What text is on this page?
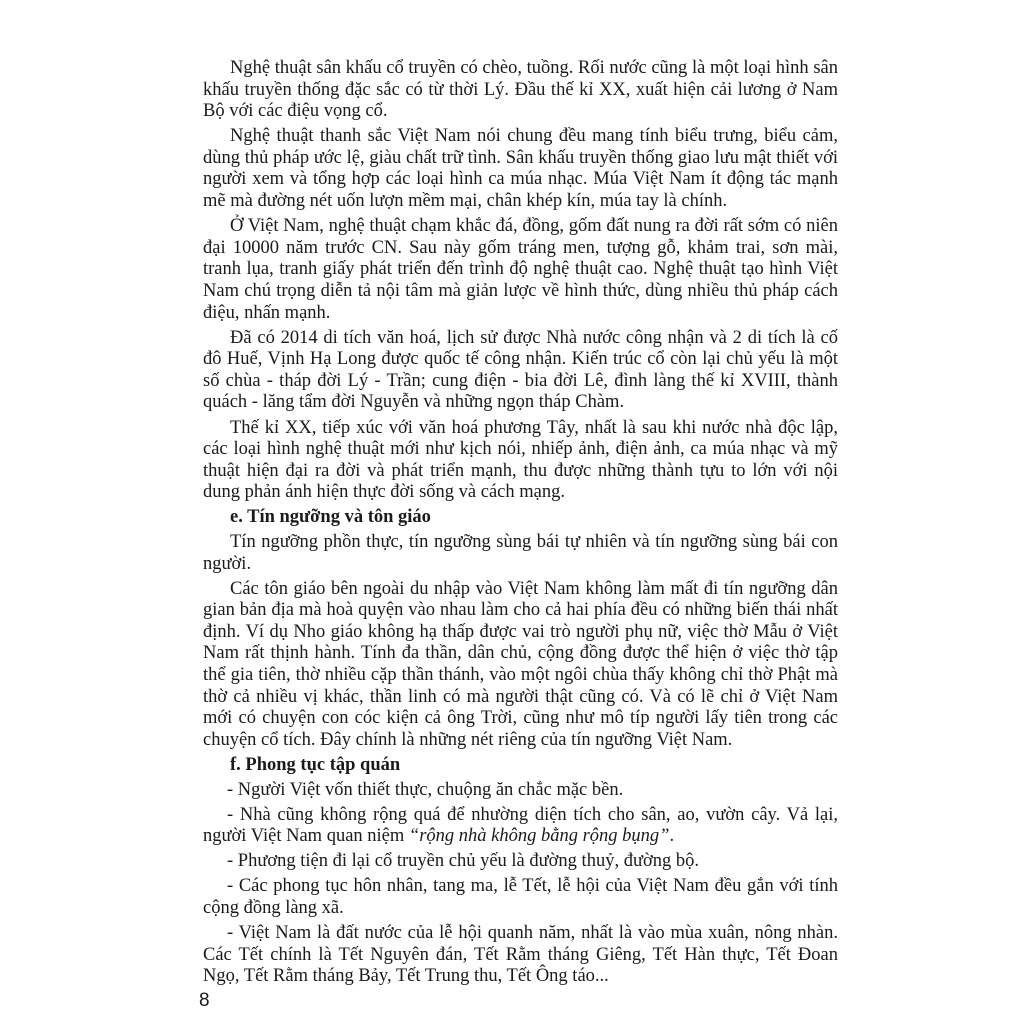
Nghệ thuật sân khấu cổ truyền có chèo, tuồng. Rối nước cũng là một loại hình sân khấu truyền thống đặc sắc có từ thời Lý. Đầu thế kỉ XX, xuất hiện cải lương ở Nam Bộ với các điệu vọng cổ.

Nghệ thuật thanh sắc Việt Nam nói chung đều mang tính biểu trưng, biểu cảm, dùng thủ pháp ước lệ, giàu chất trữ tình. Sân khấu truyền thống giao lưu mật thiết với người xem và tổng hợp các loại hình ca múa nhạc. Múa Việt Nam ít động tác mạnh mẽ mà đường nét uốn lượn mềm mại, chân khép kín, múa tay là chính.

Ở Việt Nam, nghệ thuật chạm khắc đá, đồng, gốm đất nung ra đời rất sớm có niên đại 10000 năm trước CN. Sau này gốm tráng men, tượng gỗ, khảm trai, sơn mài, tranh lụa, tranh giấy phát triển đến trình độ nghệ thuật cao. Nghệ thuật tạo hình Việt Nam chú trọng diễn tả nội tâm mà giản lược về hình thức, dùng nhiều thủ pháp cách điệu, nhấn mạnh.

Đã có 2014 di tích văn hoá, lịch sử được Nhà nước công nhận và 2 di tích là cố đô Huế, Vịnh Hạ Long được quốc tế công nhận. Kiến trúc cổ còn lại chủ yếu là một số chùa - tháp đời Lý - Trần; cung điện - bia đời Lê, đình làng thế kỉ XVIII, thành quách - lăng tẩm đời Nguyễn và những ngọn tháp Chàm.

Thế kỉ XX, tiếp xúc với văn hoá phương Tây, nhất là sau khi nước nhà độc lập, các loại hình nghệ thuật mới như kịch nói, nhiếp ảnh, điện ảnh, ca múa nhạc và mỹ thuật hiện đại ra đời và phát triển mạnh, thu được những thành tựu to lớn với nội dung phản ánh hiện thực đời sống và cách mạng.

e. Tín ngưỡng và tôn giáo

Tín ngưỡng phồn thực, tín ngưỡng sùng bái tự nhiên và tín ngưỡng sùng bái con người.

Các tôn giáo bên ngoài du nhập vào Việt Nam không làm mất đi tín ngưỡng dân gian bản địa mà hoà quyện vào nhau làm cho cả hai phía đều có những biến thái nhất định. Ví dụ Nho giáo không hạ thấp được vai trò người phụ nữ, việc thờ Mẫu ở Việt Nam rất thịnh hành. Tính đa thần, dân chủ, cộng đồng được thể hiện ở việc thờ tập thể gia tiên, thờ nhiều cặp thần thánh, vào một ngôi chùa thấy không chỉ thờ Phật mà thờ cả nhiều vị khác, thần linh có mà người thật cũng có. Và có lẽ chỉ ở Việt Nam mới có chuyện con cóc kiện cả ông Trời, cũng như mô típ người lấy tiên trong các chuyện cổ tích. Đây chính là những nét riêng của tín ngưỡng Việt Nam.

f. Phong tục tập quán

- Người Việt vốn thiết thực, chuộng ăn chắc mặc bền.

- Nhà cũng không rộng quá để nhường diện tích cho sân, ao, vườn cây. Vả lại, người Việt Nam quan niệm “rộng nhà không bằng rộng bụng”.

- Phương tiện đi lại cổ truyền chủ yếu là đường thuỷ, đường bộ.

- Các phong tục hôn nhân, tang ma, lễ Tết, lễ hội của Việt Nam đều gắn với tính cộng đồng làng xã.

- Việt Nam là đất nước của lễ hội quanh năm, nhất là vào mùa xuân, nông nhàn. Các Tết chính là Tết Nguyên đán, Tết Rằm tháng Giêng, Tết Hàn thực, Tết Đoan Ngọ, Tết Rằm tháng Bảy, Tết Trung thu, Tết Ông táo...

8
